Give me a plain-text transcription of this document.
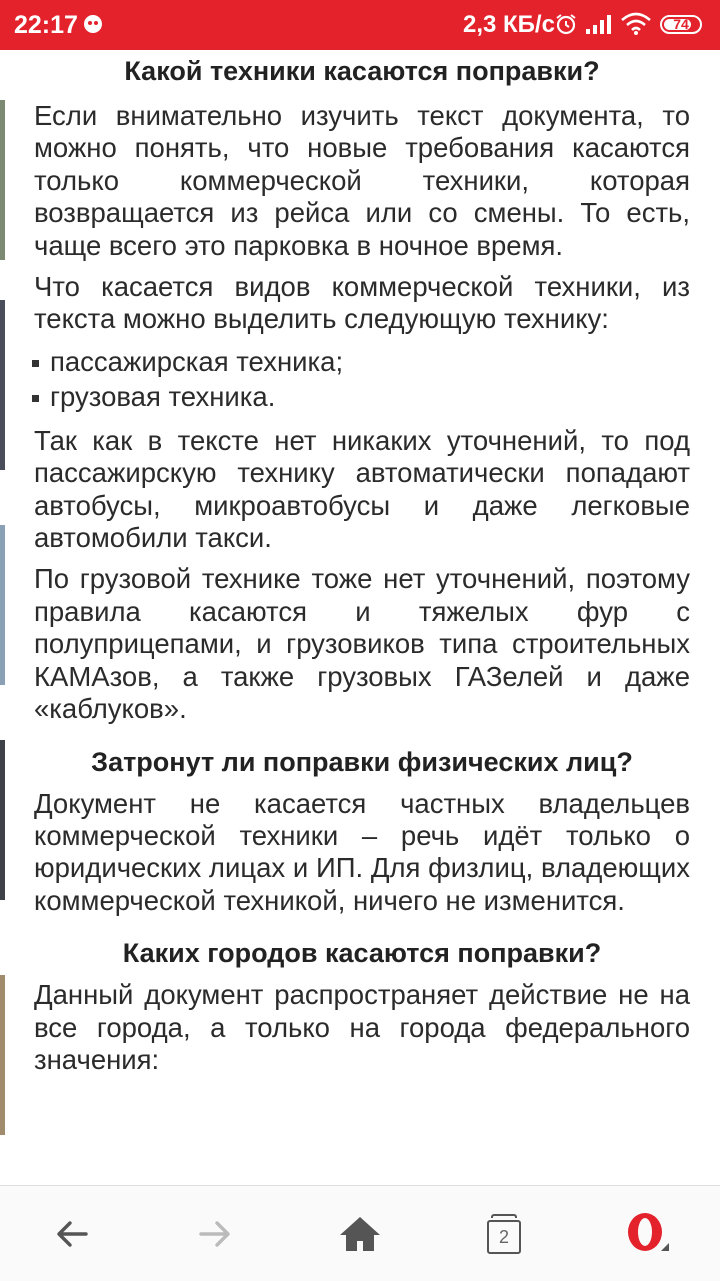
22:17	2,3 КБ/с	74
Какой техники касаются поправки?

Если внимательно изучить текст документа, то можно понять, что новые требования касаются только коммерческой техники, которая возвращается из рейса или со смены. То есть, чаще всего это парковка в ночное время.

Что касается видов коммерческой техники, из текста можно выделить следующую технику:

пассажирская техника;
грузовая техника.

Так как в тексте нет никаких уточнений, то под пассажирскую технику автоматически попадают автобусы, микроавтобусы и даже легковые автомобили такси.

По грузовой технике тоже нет уточнений, поэтому правила касаются и тяжелых фур с полуприцепами, и грузовиков типа строительных КАМАзов, а также грузовых ГАЗелей и даже «каблуков».

Затронут ли поправки физических лиц?

Документ не касается частных владельцев коммерческой техники – речь идёт только о юридических лицах и ИП. Для физлиц, владеющих коммерческой техникой, ничего не изменится.

Каких городов касаются поправки?

Данный документ распространяет действие не на все города, а только на города федерального значения:

2
